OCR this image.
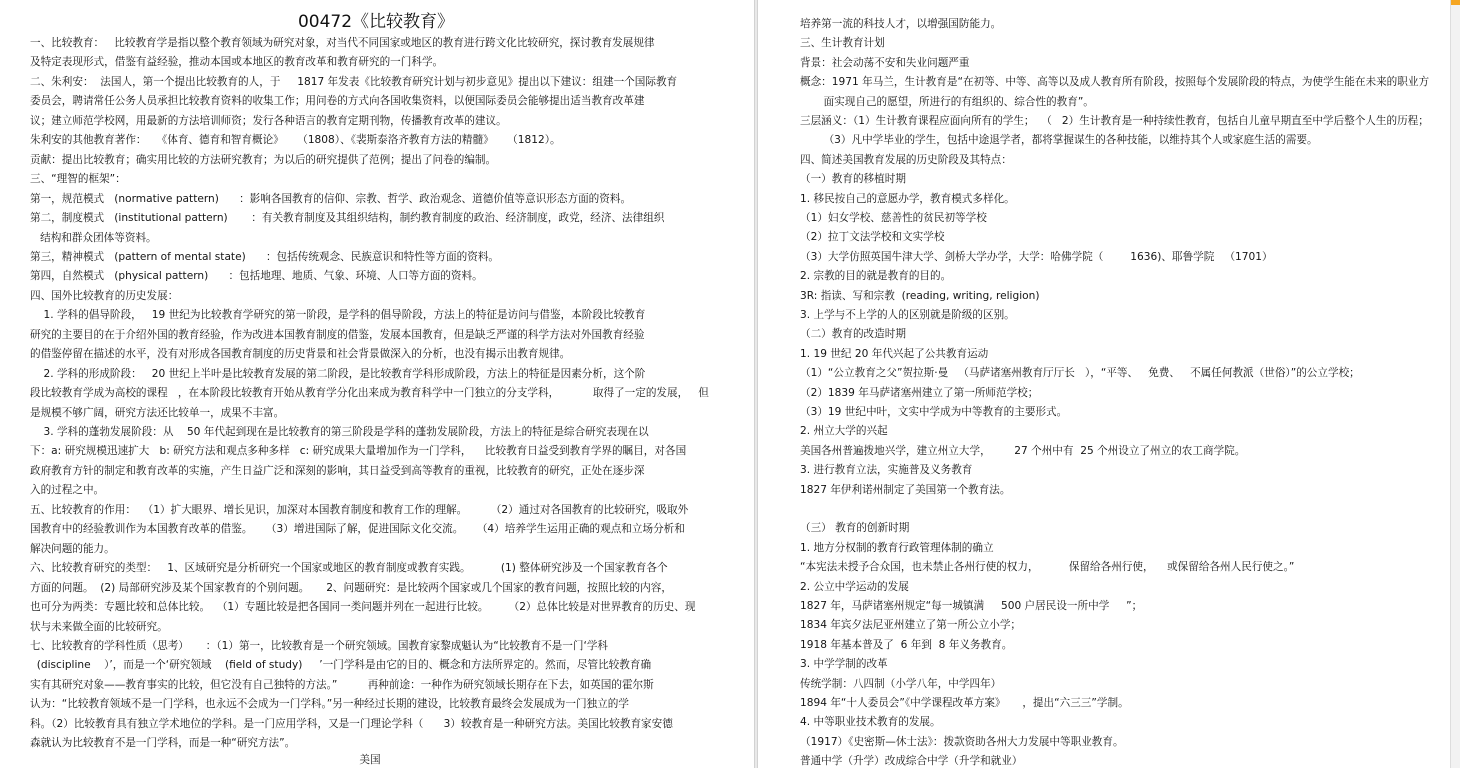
00472《比较教育》
一、比较教育：   比较教育学是指以整个教育领域为研究对象，对当代不同国家或地区的教育进行跨文化比较研究，探讨教育发展规律
及特定表现形式，借鉴有益经验，推动本国或本地区的教育改革和教育研究的一门科学。
二、朱利安：  法国人，第一个提出比较教育的人，于     1817 年发表《比较教育研究计划与初步意见》提出以下建议：组建一个国际教育
委员会，聘请常任公务人员承担比较教育资料的收集工作；用问卷的方式向各国收集资料，以便国际委员会能够提出适当教育改革建
议；建立师范学校网，用最新的方法培训师资；发行各种语言的教育定期刊物，传播教育改革的建议。
朱利安的其他教育著作：   《体育、德育和智育概论》    （1808）、《裴斯泰洛齐教育方法的精髓》    （1812）。
贡献：提出比较教育；确实用比较的方法研究教育；为以后的研究提供了范例；提出了问卷的编制。
三、“理智的框架”：
第一，规范模式   (normative pattern)      ：影响各国教育的信仰、宗教、哲学、政治观念、道德价值等意识形态方面的资料。
第二，制度模式   (institutional pattern)       ：有关教育制度及其组织结构，制约教育制度的政治、经济制度，政党，经济、法律组织
结构和群众团体等资料。
第三，精神模式   (pattern of mental state)      ：包括传统观念、民族意识和特性等方面的资料。
第四，自然模式   (physical pattern)      ：包括地理、地质、气象、环境、人口等方面的资料。
四、国外比较教育的历史发展：
1. 学科的倡导阶段，   19 世纪为比较教育学研究的第一阶段，是学科的倡导阶段，方法上的特征是访问与借鉴，本阶段比较教育
研究的主要目的在于介绍外国的教育经验，作为改进本国教育制度的借鉴，发展本国教育，但是缺乏严谨的科学方法对外国教育经验
的借鉴停留在描述的水平，没有对形成各国教育制度的历史背景和社会背景做深入的分析，也没有揭示出教育规律。
2. 学科的形成阶段：   20 世纪上半叶是比较教育发展的第二阶段，是比较教育学科形成阶段，方法上的特征是因素分析，这个阶
段比较教育学成为高校的课程   ，在本阶段比较教育开始从教育学分化出来成为教育科学中一门独立的分支学科，          取得了一定的发展，   但
是规模不够广阔，研究方法还比较单一，成果不丰富。
3. 学科的蓬勃发展阶段：从    50 年代起到现在是比较教育的第三阶段是学科的蓬勃发展阶段，方法上的特征是综合研究表现在以
下：a: 研究规模迅速扩大   b: 研究方法和观点多种多样   c: 研究成果大量增加作为一门学科，    比较教育日益受到教育学界的瞩目，对各国
政府教育方针的制定和教育改革的实施，产生日益广泛和深刻的影响，其日益受到高等教育的重视，比较教育的研究，正处在逐步深
入的过程之中。
五、比较教育的作用：  （1）扩大眼界、增长见识，加深对本国教育制度和教育工作的理解。       （2）通过对各国教育的比较研究，吸取外
国教育中的经验教训作为本国教育改革的借鉴。    （3）增进国际了解，促进国际文化交流。    （4）培养学生运用正确的观点和立场分析和
解决问题的能力。
六、比较教育研究的类型：   1、区域研究是分析研究一个国家或地区的教育制度或教育实践。         (1) 整体研究涉及一个国家教育各个
方面的问题。  (2) 局部研究涉及某个国家教育的个别问题。     2、问题研究：是比较两个国家或几个国家的教育问题，按照比较的内容，
也可分为两类：专题比较和总体比较。  （1）专题比较是把各国同一类问题并列在一起进行比较。      （2）总体比较是对世界教育的历史、现
状与未来做全面的比较研究。
七、比较教育的学科性质（思考）     ：（1）第一，比较教育是一个研究领域。国教育家黎成魁认为“比较教育不是一门‘学科
(discipline    ）’，而是一个‘研究领域    (field of study)     ’一门学科是由它的目的、概念和方法所界定的。然而，尽管比较教育确
实有其研究对象——教育事实的比较，但它没有自己独特的方法。”         再种前途：一种作为研究领域长期存在下去，如英国的霍尔斯
认为：“比较教育领域不是一门学科，也永远不会成为一门学科。”另一种经过长期的建设，比较教育最终会发展成为一门独立的学
科。（2）比较教育具有独立学术地位的学科。是一门应用学科，又是一门理论学科（      3）较教育是一种研究方法。美国比较教育家安德
森就认为比较教育不是一门学科，而是一种“研究方法”。
美国
培养第一流的科技人才，以增强国防能力。
三、生计教育计划
背景：社会动荡不安和失业问题严重
概念：1971 年马兰，生计教育是“在初等、中等、高等以及成人教育所有阶段，按照每个发展阶段的特点，为使学生能在未来的职业方
面实现自己的愿望，所进行的有组织的、综合性的教育”。
三层涵义：（1）生计教育课程应面向所有的学生；  （   2）生计教育是一种持续性教育，包括自儿童早期直至中学后整个人生的历程；
（3）凡中学毕业的学生，包括中途退学者，都将掌握谋生的各种技能，以维持其个人或家庭生活的需要。
四、简述美国教育发展的历史阶段及其特点：
（一）教育的移植时期
1. 移民按自己的意愿办学，教育模式多样化。
（1）妇女学校、慈善性的贫民初等学校
（2）拉丁文法学校和文实学校
（3）大学仿照英国牛津大学、剑桥大学办学，大学：哈佛学院（        1636)、耶鲁学院   （1701）
2. 宗教的目的就是教育的目的。
3R: 指读、写和宗教  (reading, writing, religion)
3. 上学与不上学的人的区别就是阶级的区别。
（二）教育的改造时期
1. 19 世纪 20 年代兴起了公共教育运动
（1）“公立教育之父”贺拉斯·曼   （马萨诸塞州教育厅厅长   ），“平等、   免费、   不属任何教派（世俗）”的公立学校；
（2）1839 年马萨诸塞州建立了第一所师范学校；
（3）19 世纪中叶，文实中学成为中等教育的主要形式。
2. 州立大学的兴起
美国各州普遍拨地兴学，建立州立大学，       27 个州中有  25 个州设立了州立的农工商学院。
3. 进行教育立法，实施普及义务教育
1827 年伊利诺州制定了美国第一个教育法。
（三） 教育的创新时期
1. 地方分权制的教育行政管理体制的确立
“本宪法未授予合众国，也未禁止各州行使的权力，         保留给各州行使，    或保留给各州人民行使之。”
2. 公立中学运动的发展
1827 年，马萨诸塞州规定“每一城镇满     500 户居民设一所中学     ”；
1834 年宾夕法尼亚州建立了第一所公立小学；
1918 年基本普及了  6 年到  8 年义务教育。
3. 中学学制的改革
传统学制：八四制（小学八年，中学四年）
1894 年“十人委员会”《中学课程改革方案》     ，提出“六三三”学制。
4. 中等职业技术教育的发展。
（1917）《史密斯—休士法》：拨款资助各州大力发展中等职业教育。
普通中学（升学）改成综合中学（升学和就业）
